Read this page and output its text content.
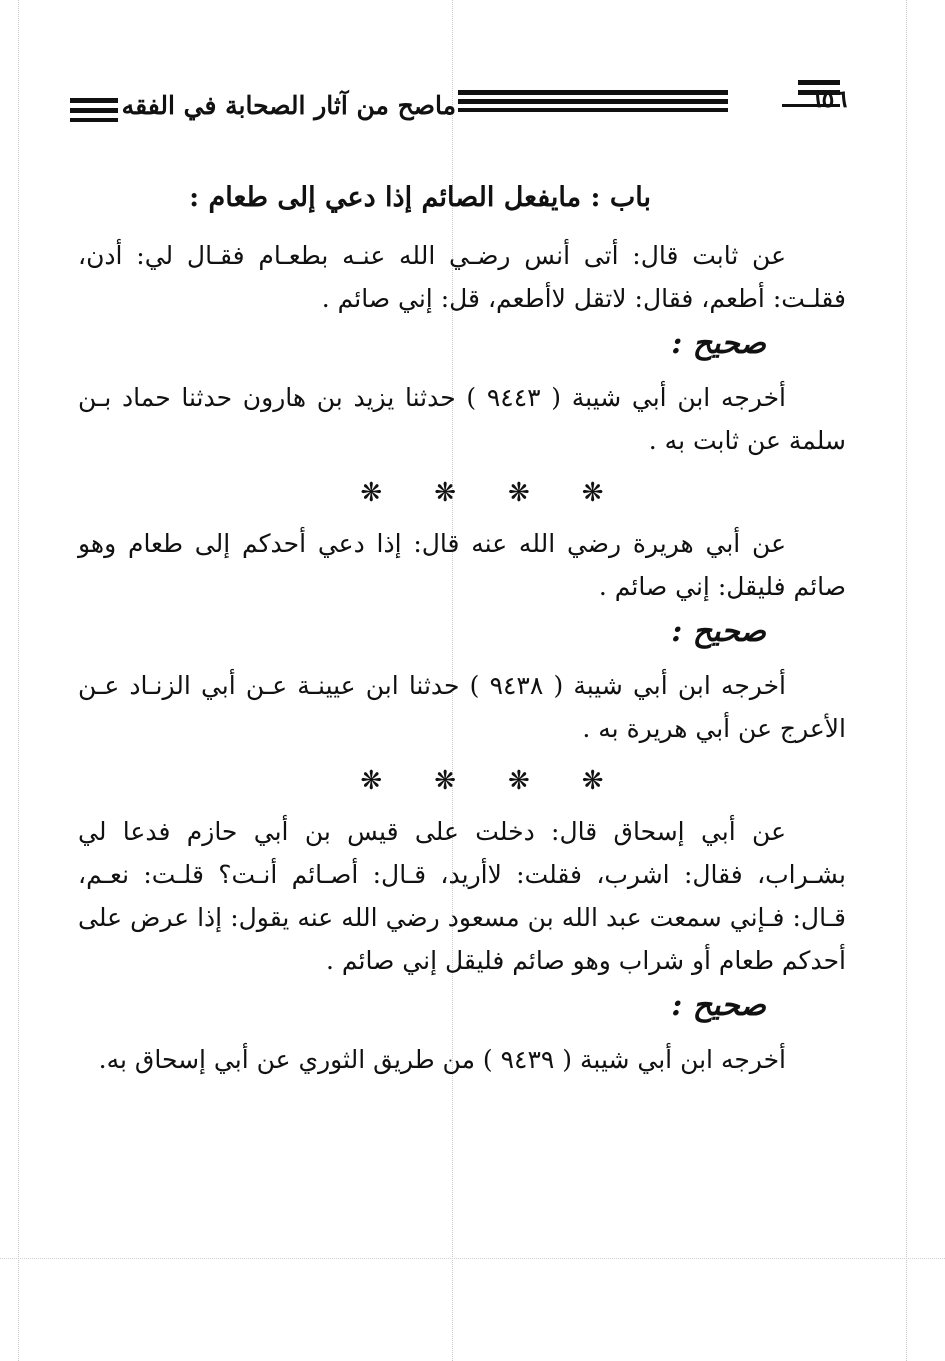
٦٥٦
ماصح من آثار الصحابة في الفقه
باب : مايفعل الصائم إذا دعي إلى طعام :

عن ثابت قال: أتى أنس رضـي الله عنـه بطعـام فقـال لي: أدن، فقلـت: أطعم، فقال: لاتقل لاأطعم، قل: إني صائم .

صحيح :

أخرجه ابن أبي شيبة ( ٩٤٤٣ ) حدثنا يزيد بن هارون حدثنا حماد بـن سلمة عن ثابت به .

❋ ❋ ❋ ❋

عن أبي هريرة رضي الله عنه قال: إذا دعي أحدكم إلى طعام وهو صائم فليقل: إني صائم .

صحيح :

أخرجه ابن أبي شيبة ( ٩٤٣٨ ) حدثنا ابن عيينـة عـن أبي الزنـاد عـن الأعرج عن أبي هريرة به .

❋ ❋ ❋ ❋

عن أبي إسحاق قال: دخلت على قيس بن أبي حازم فدعا لي بشـراب، فقال: اشرب، فقلت: لاأريد، قـال: أصـائم أنـت؟ قلـت: نعـم، قـال: فـإني سمعت عبد الله بن مسعود رضي الله عنه يقول: إذا عرض على أحدكم طعام أو شراب وهو صائم فليقل إني صائم .

صحيح :

أخرجه ابن أبي شيبة ( ٩٤٣٩ ) من طريق الثوري عن أبي إسحاق به.
